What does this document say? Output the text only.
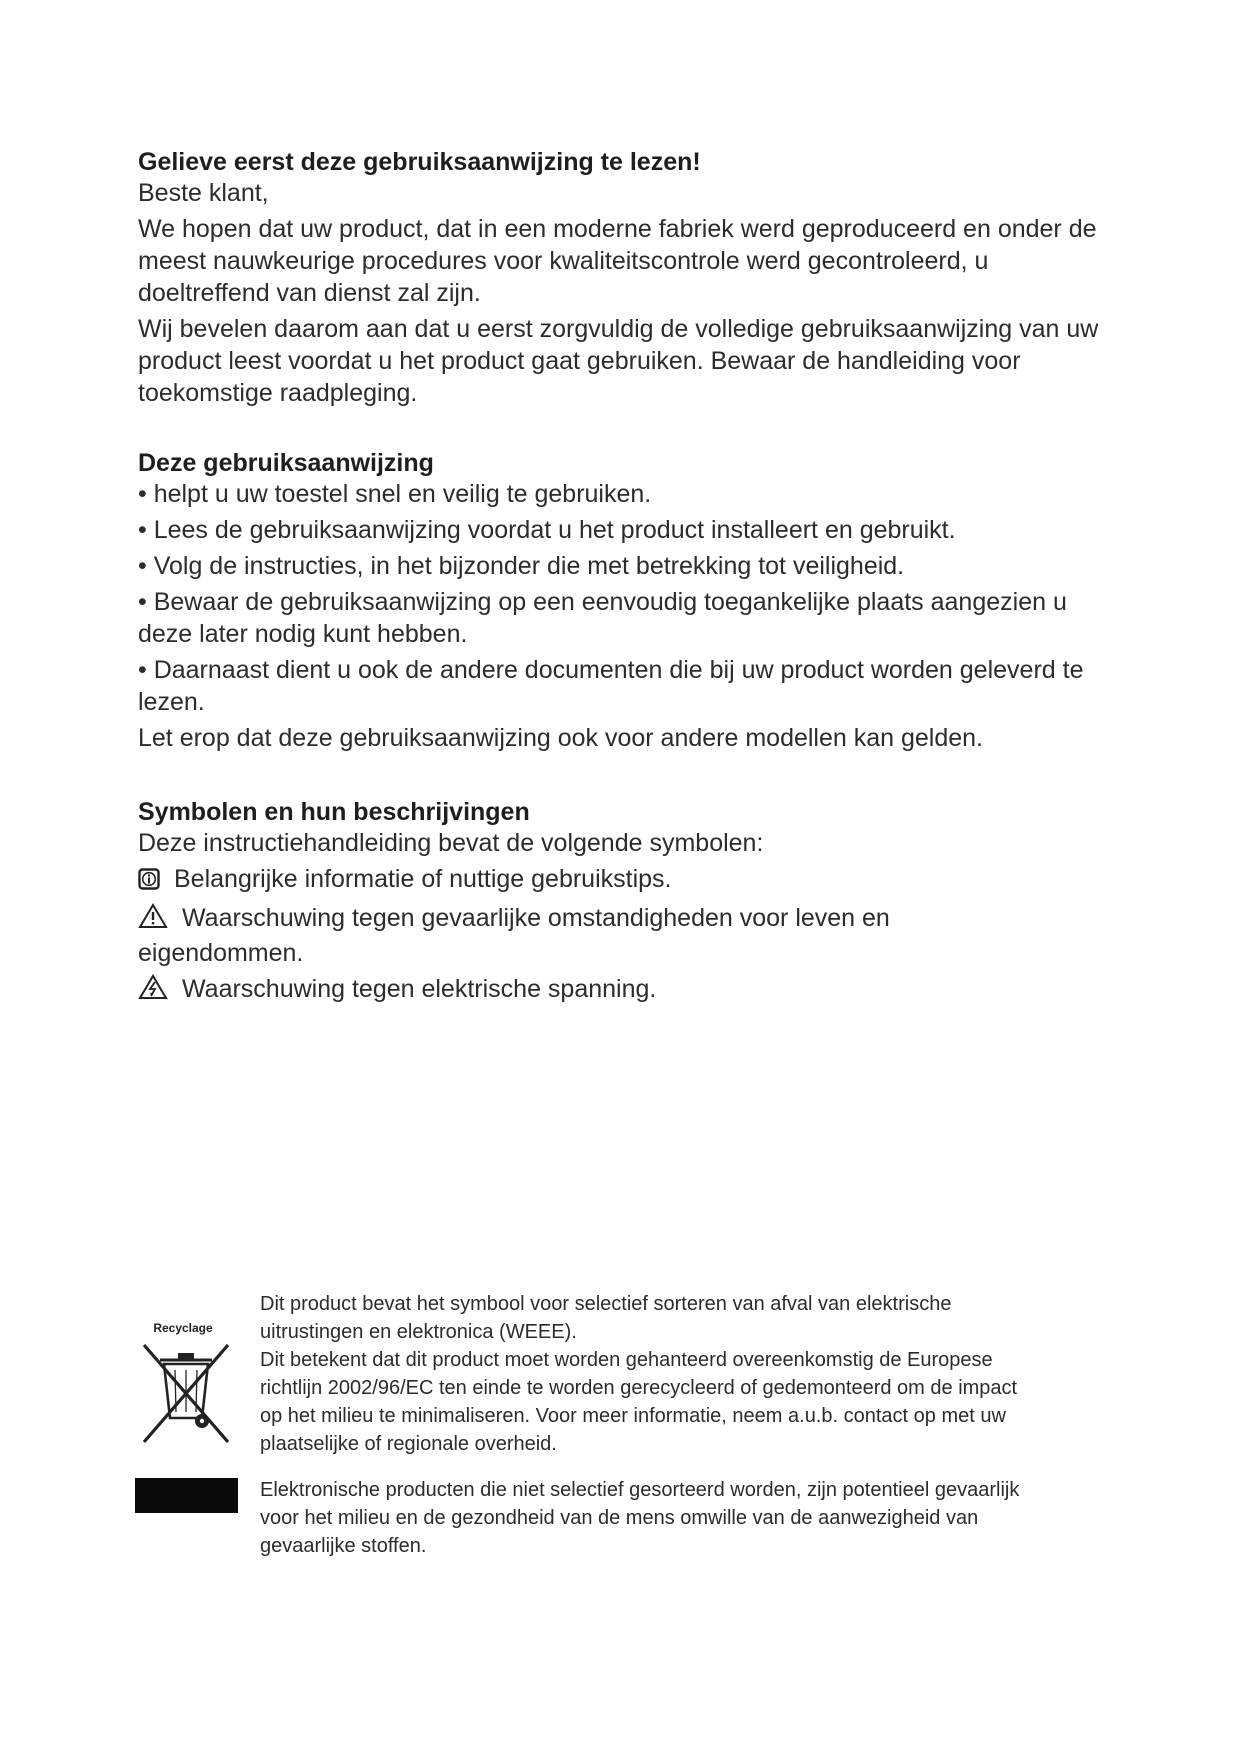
Gelieve eerst deze gebruiksaanwijzing te lezen!

Beste klant,

We hopen dat uw product, dat in een moderne fabriek werd geproduceerd en onder de meest nauwkeurige procedures voor kwaliteitscontrole werd gecontroleerd, u doeltreffend van dienst zal zijn.

Wij bevelen daarom aan dat u eerst zorgvuldig de volledige gebruiksaanwijzing van uw product leest voordat u het product gaat gebruiken. Bewaar de handleiding voor toekomstige raadpleging.

Deze gebruiksaanwijzing

• helpt u uw toestel snel en veilig te gebruiken.

• Lees de gebruiksaanwijzing voordat u het product installeert en gebruikt.

• Volg de instructies, in het bijzonder die met betrekking tot veiligheid.

• Bewaar de gebruiksaanwijzing op een eenvoudig toegankelijke plaats aangezien u deze later nodig kunt hebben.

• Daarnaast dient u ook de andere documenten die bij uw product worden geleverd te lezen.

Let erop dat deze gebruiksaanwijzing ook voor andere modellen kan gelden.

Symbolen en hun beschrijvingen

Deze instructiehandleiding bevat de volgende symbolen:

Belangrijke informatie of nuttige gebruikstips.

Waarschuwing tegen gevaarlijke omstandigheden voor leven en

eigendommen.

Waarschuwing tegen elektrische spanning.

Recyclage

Dit product bevat het symbool voor selectief sorteren van afval van elektrische

uitrustingen en elektronica (WEEE).

Dit betekent dat dit product moet worden gehanteerd overeenkomstig de Europese

richtlijn 2002/96/EC ten einde te worden gerecycleerd of gedemonteerd om de impact

op het milieu te minimaliseren. Voor meer informatie, neem a.u.b. contact op met uw

plaatselijke of regionale overheid.

Elektronische producten die niet selectief gesorteerd worden, zijn potentieel gevaarlijk

voor het milieu en de gezondheid van de mens omwille van de aanwezigheid van

gevaarlijke stoffen.
